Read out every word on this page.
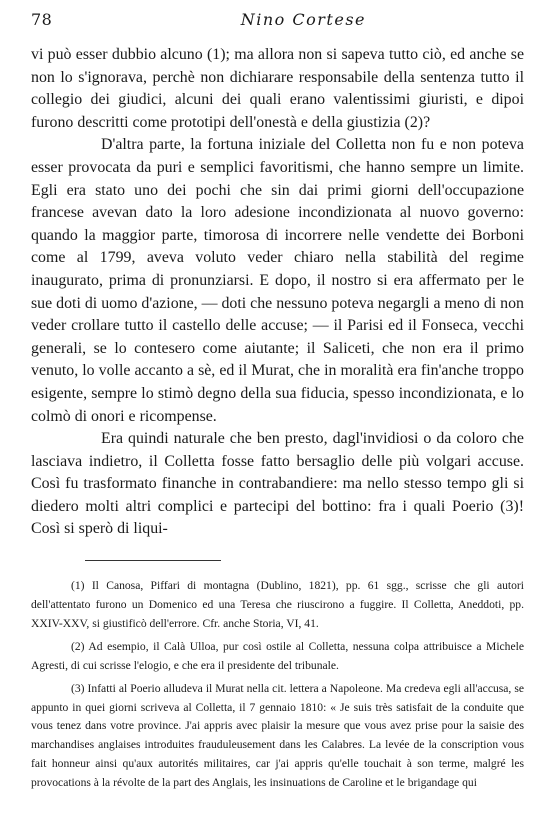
78	Nino Cortese

vi può esser dubbio alcuno (1); ma allora non si sapeva tutto ciò, ed anche se non lo s'ignorava, perchè non dichiarare responsabile della sentenza tutto il collegio dei giudici, alcuni dei quali erano valentissimi giuristi, e dipoi furono descritti come prototipi dell'onestà e della giustizia (2)?

D'altra parte, la fortuna iniziale del Colletta non fu e non poteva esser provocata da puri e semplici favoritismi, che hanno sempre un limite. Egli era stato uno dei pochi che sin dai primi giorni dell'occupazione francese avevan dato la loro adesione incondizionata al nuovo governo: quando la maggior parte, timorosa di incorrere nelle vendette dei Borboni come al 1799, aveva voluto veder chiaro nella stabilità del regime inaugurato, prima di pronunziarsi. E dopo, il nostro si era affermato per le sue doti di uomo d'azione, — doti che nessuno poteva negargli a meno di non veder crollare tutto il castello delle accuse; — il Parisi ed il Fonseca, vecchi generali, se lo contesero come aiutante; il Saliceti, che non era il primo venuto, lo volle accanto a sè, ed il Murat, che in moralità era fin'anche troppo esigente, sempre lo stimò degno della sua fiducia, spesso incondizionata, e lo colmò di onori e ricompense.

Era quindi naturale che ben presto, dagl'invidiosi o da coloro che lasciava indietro, il Colletta fosse fatto bersaglio delle più volgari accuse. Così fu trasformato finanche in contrabandiere: ma nello stesso tempo gli si diedero molti altri complici e partecipi del bottino: fra i quali Poerio (3)! Così si sperò di liqui-

(1) Il Canosa, Piffari di montagna (Dublino, 1821), pp. 61 sgg., scrisse che gli autori dell'attentato furono un Domenico ed una Teresa che riuscirono a fuggire. Il Colletta, Aneddoti, pp. XXIV-XXV, si giustificò dell'errore. Cfr. anche Storia, VI, 41.

(2) Ad esempio, il Calà Ulloa, pur così ostile al Colletta, nessuna colpa attribuisce a Michele Agresti, di cui scrisse l'elogio, e che era il presidente del tribunale.

(3) Infatti al Poerio alludeva il Murat nella cit. lettera a Napoleone. Ma credeva egli all'accusa, se appunto in quei giorni scriveva al Colletta, il 7 gennaio 1810: « Je suis très satisfait de la conduite que vous tenez dans votre province. J'ai appris avec plaisir la mesure que vous avez prise pour la saisie des marchandises anglaises introduites frauduleusement dans les Calabres. La levée de la conscription vous fait honneur ainsi qu'aux autorités militaires, car j'ai appris qu'elle touchait à son terme, malgré les provocations à la révolte de la part des Anglais, les insinuations de Caroline et le brigandage qui
